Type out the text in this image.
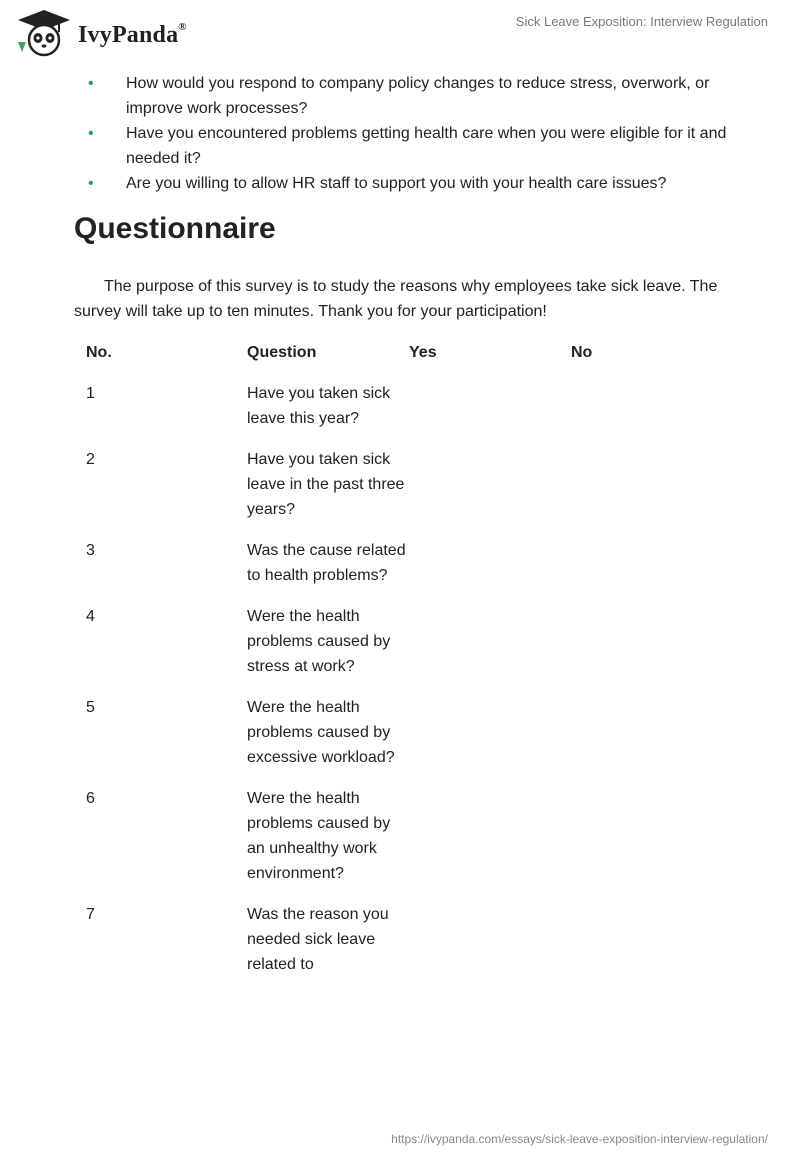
IvyPanda®	Sick Leave Exposition: Interview Regulation
• How would you respond to company policy changes to reduce stress, overwork, or improve work processes?
• Have you encountered problems getting health care when you were eligible for it and needed it?
• Are you willing to allow HR staff to support you with your health care issues?
Questionnaire

The purpose of this survey is to study the reasons why employees take sick leave. The survey will take up to ten minutes. Thank you for your participation!

No.	Question	Yes	No
1	Have you taken sick leave this year?
2	Have you taken sick leave in the past three years?
3	Was the cause related to health problems?
4	Were the health problems caused by stress at work?
5	Were the health problems caused by excessive workload?
6	Were the health problems caused by an unhealthy work environment?
7	Was the reason you needed sick leave related to
https://ivypanda.com/essays/sick-leave-exposition-interview-regulation/
